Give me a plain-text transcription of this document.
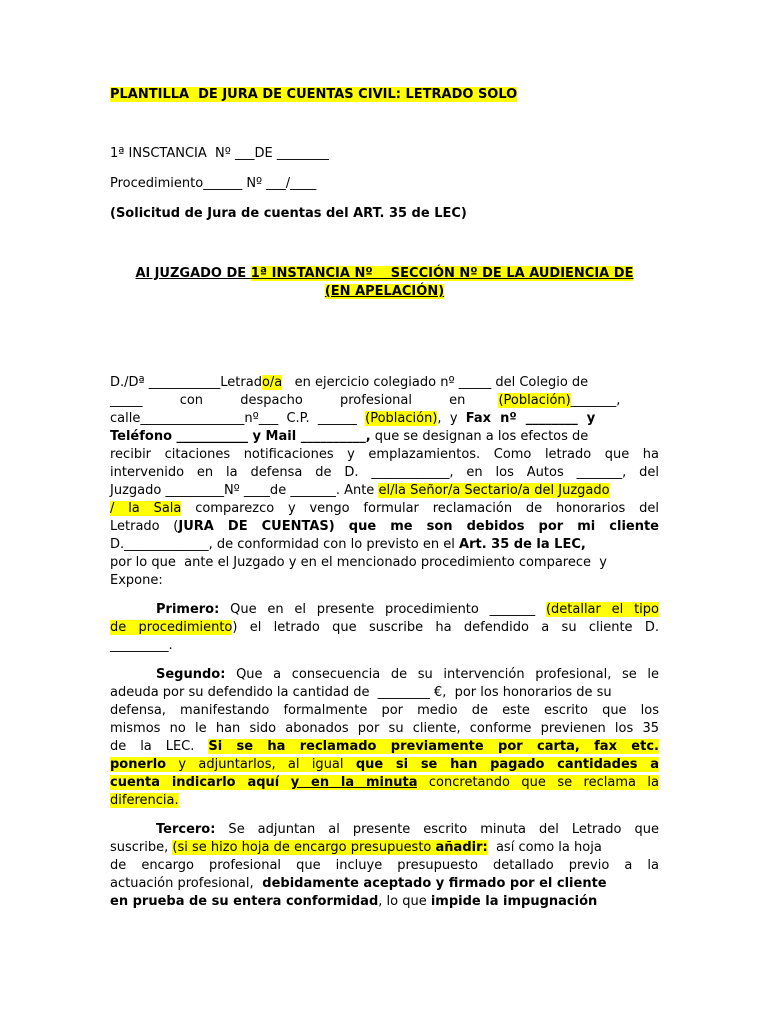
PLANTILLA  DE JURA DE CUENTAS CIVIL: LETRADO SOLO
1ª INSCTANCIA  Nº ___DE ________
Procedimiento______ Nº ___/____
(Solicitud de Jura de cuentas del ART. 35 de LEC)
Al JUZGADO DE 1ª INSTANCIA Nº    SECCIÓN Nº DE LA AUDIENCIA DE
(EN APELACIÓN)
D./Dª ___________Letrado/a   en ejercicio colegiado nº _____ del Colegio de
_____         con         despacho         profesional         en        (Población)_______,
calle________________nº___  C.P.  ______  (Población),  y  Fax  nº  ________  y
Teléfono ___________ y Mail __________, que se designan a los efectos de
recibir citaciones notificaciones y emplazamientos. Como letrado que ha
intervenido en la defensa de D. ____________, en los Autos _______, del
Juzgado _________Nº ____de _______. Ante el/la Señor/a Sectario/a del Juzgado
/ la Sala comparezco y vengo formular reclamación de honorarios del
Letrado (JURA DE CUENTAS) que me son debidos por mi cliente
D._____________, de conformidad con lo previsto en el Art. 35 de la LEC,
por lo que  ante el Juzgado y en el mencionado procedimiento comparece  y
Expone:
Primero: Que en el presente procedimiento _______ (detallar el tipo
de procedimiento) el letrado que suscribe ha defendido a su cliente D.
_________.
Segundo: Que a consecuencia de su intervención profesional, se le
adeuda por su defendido la cantidad de  ________ €,  por los honorarios de su
defensa, manifestando formalmente por medio de este escrito que los
mismos no le han sido abonados por su cliente, conforme previenen los 35
de la LEC. Si se ha reclamado previamente por carta, fax etc.
ponerlo y adjuntarlos, al igual que si se han pagado cantidades a
cuenta indicarlo aquí y en la minuta concretando que se reclama la
diferencia.
Tercero: Se adjuntan al presente escrito minuta del Letrado que
suscribe, (si se hizo hoja de encargo presupuesto añadir:  así como la hoja
de encargo profesional que incluye presupuesto detallado previo a la
actuación profesional,  debidamente aceptado y firmado por el cliente
en prueba de su entera conformidad, lo que impide la impugnación
